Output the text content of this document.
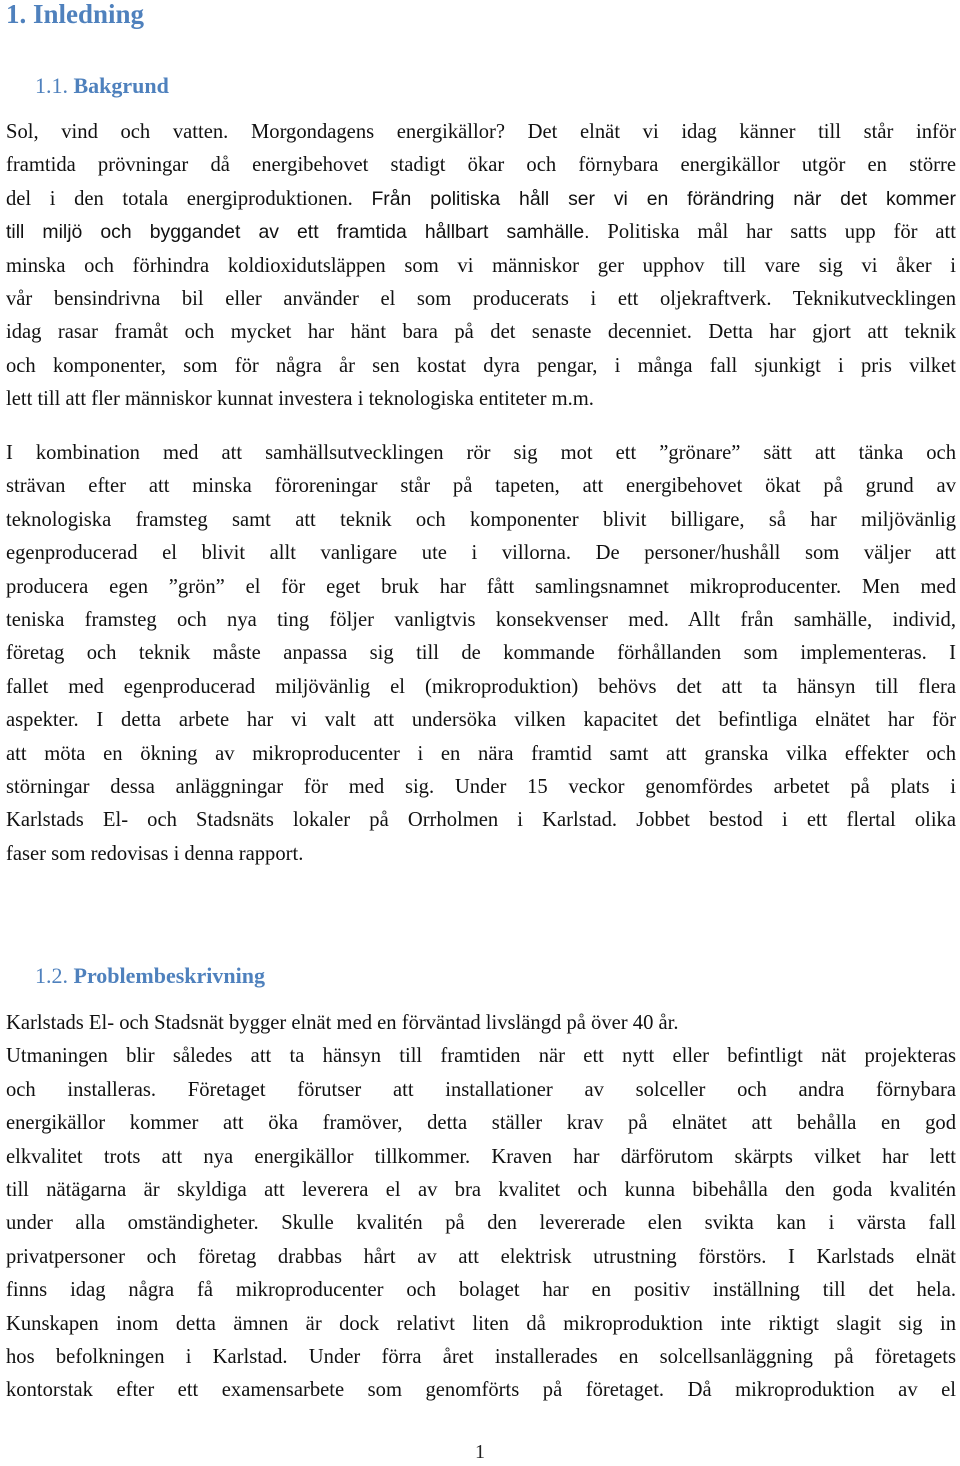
1. Inledning
1.1. Bakgrund
Sol, vind och vatten. Morgondagens energikällor? Det elnät vi idag känner till står inför
framtida prövningar då energibehovet stadigt ökar och förnybara energikällor utgör en större
del i den totala energiproduktionen. Från politiska håll ser vi en förändring när det kommer
till miljö och byggandet av ett framtida hållbart samhälle. Politiska mål har satts upp för att
minska och förhindra koldioxidutsläppen som vi människor ger upphov till vare sig vi åker i
vår bensindrivna bil eller använder el som producerats i ett oljekraftverk. Teknikutvecklingen
idag rasar framåt och mycket har hänt bara på det senaste decenniet. Detta har gjort att teknik
och komponenter, som för några år sen kostat dyra pengar, i många fall sjunkigt i pris vilket
lett till att fler människor kunnat investera i teknologiska entiteter m.m.
I kombination med att samhällsutvecklingen rör sig mot ett ”grönare” sätt att tänka och
strävan efter att minska föroreningar står på tapeten, att energibehovet ökat på grund av
teknologiska framsteg samt att teknik och komponenter blivit billigare, så har miljövänlig
egenproducerad el blivit allt vanligare ute i villorna. De personer/hushåll som väljer att
producera egen ”grön” el för eget bruk har fått samlingsnamnet mikroproducenter. Men med
teniska framsteg och nya ting följer vanligtvis konsekvenser med. Allt från samhälle, individ,
företag och teknik måste anpassa sig till de kommande förhållanden som implementeras. I
fallet med egenproducerad miljövänlig el (mikroproduktion) behövs det att ta hänsyn till flera
aspekter. I detta arbete har vi valt att undersöka vilken kapacitet det befintliga elnätet har för
att möta en ökning av mikroproducenter i en nära framtid samt att granska vilka effekter och
störningar dessa anläggningar för med sig. Under 15 veckor genomfördes arbetet på plats i
Karlstads El- och Stadsnäts lokaler på Orrholmen i Karlstad. Jobbet bestod i ett flertal olika
faser som redovisas i denna rapport.
1.2. Problembeskrivning
Karlstads El- och Stadsnät bygger elnät med en förväntad livslängd på över 40 år.
Utmaningen blir således att ta hänsyn till framtiden när ett nytt eller befintligt nät projekteras
och installeras. Företaget förutser att installationer av solceller och andra förnybara
energikällor kommer att öka framöver, detta ställer krav på elnätet att behålla en god
elkvalitet trots att nya energikällor tillkommer. Kraven har därförutom skärpts vilket har lett
till nätägarna är skyldiga att leverera el av bra kvalitet och kunna bibehålla den goda kvalitén
under alla omständigheter. Skulle kvalitén på den levererade elen svikta kan i värsta fall
privatpersoner och företag drabbas hårt av att elektrisk utrustning förstörs. I Karlstads elnät
finns idag några få mikroproducenter och bolaget har en positiv inställning till det hela.
Kunskapen inom detta ämnen är dock relativt liten då mikroproduktion inte riktigt slagit sig in
hos befolkningen i Karlstad. Under förra året installerades en solcellsanläggning på företagets
kontorstak efter ett examensarbete som genomförts på företaget. Då mikroproduktion av el
1
